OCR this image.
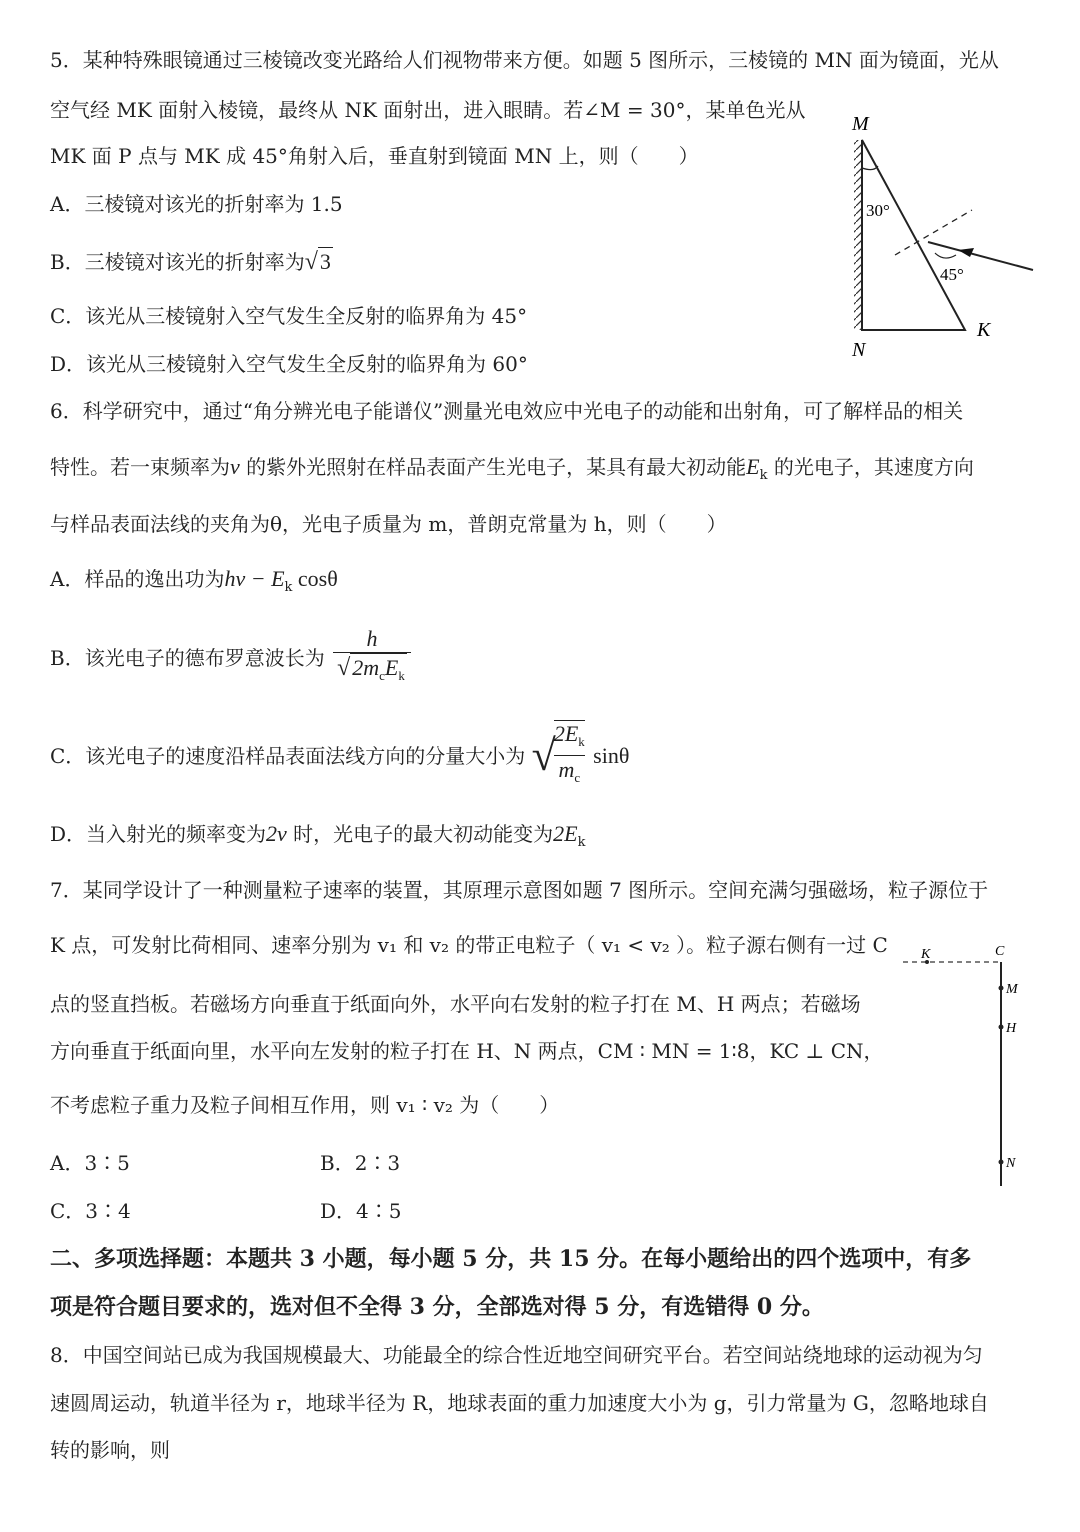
5．某种特殊眼镜通过三棱镜改变光路给人们视物带来方便。如题 5 图所示，三棱镜的 MN 面为镜面，光从
空气经 MK 面射入棱镜，最终从 NK 面射出，进入眼睛。若∠M = 30°，某单色光从
MK 面 P 点与 MK 成 45°角射入后，垂直射到镜面 MN 上，则（　　）
A．三棱镜对该光的折射率为 1.5
B．三棱镜对该光的折射率为√3
C．该光从三棱镜射入空气发生全反射的临界角为 45°
D．该光从三棱镜射入空气发生全反射的临界角为 60°
30°
45°
M
N
K
6．科学研究中，通过“角分辨光电子能谱仪”测量光电效应中光电子的动能和出射角，可了解样品的相关
特性。若一束频率为ν 的紫外光照射在样品表面产生光电子，某具有最大初动能$E_k$ 的光电子，其速度方向
与样品表面法线的夹角为θ，光电子质量为 m，普朗克常量为 h，则（　　）
A．样品的逸出功为$h\nu - E_k$ cosθ
B．该光电子的德布罗意波长为 $\frac{h}{√2m_cE_k}$
C．该光电子的速度沿样品表面法线方向的分量大小为 √
$\frac{2E_k}{m_c}$ sinθ
D．当入射光的频率变为2ν 时，光电子的最大初动能变为$2E_k$
7．某同学设计了一种测量粒子速率的装置，其原理示意图如题 7 图所示。空间充满匀强磁场，粒子源位于
K 点，可发射比荷相同、速率分别为 v₁ 和 v₂ 的带正电粒子（ v₁ < v₂ ）。粒子源右侧有一过 C
点的竖直挡板。若磁场方向垂直于纸面向外，水平向右发射的粒子打在 M、H 两点；若磁场
方向垂直于纸面向里，水平向左发射的粒子打在 H、N 两点，CM ∶ MN = 1∶8，KC ⊥ CN，
不考虑粒子重力及粒子间相互作用，则 v₁ ∶ v₂ 为（　　）
A．3∶5	B．2∶3
C．3∶4	D．4∶5
K	C
M
H
N
二、多项选择题：本题共 3 小题，每小题 5 分，共 15 分。在每小题给出的四个选项中，有多
项是符合题目要求的，选对但不全得 3 分，全部选对得 5 分，有选错得 0 分。
8．中国空间站已成为我国规模最大、功能最全的综合性近地空间研究平台。若空间站绕地球的运动视为匀
速圆周运动，轨道半径为 r，地球半径为 R，地球表面的重力加速度大小为 g，引力常量为 G，忽略地球自
转的影响，则
